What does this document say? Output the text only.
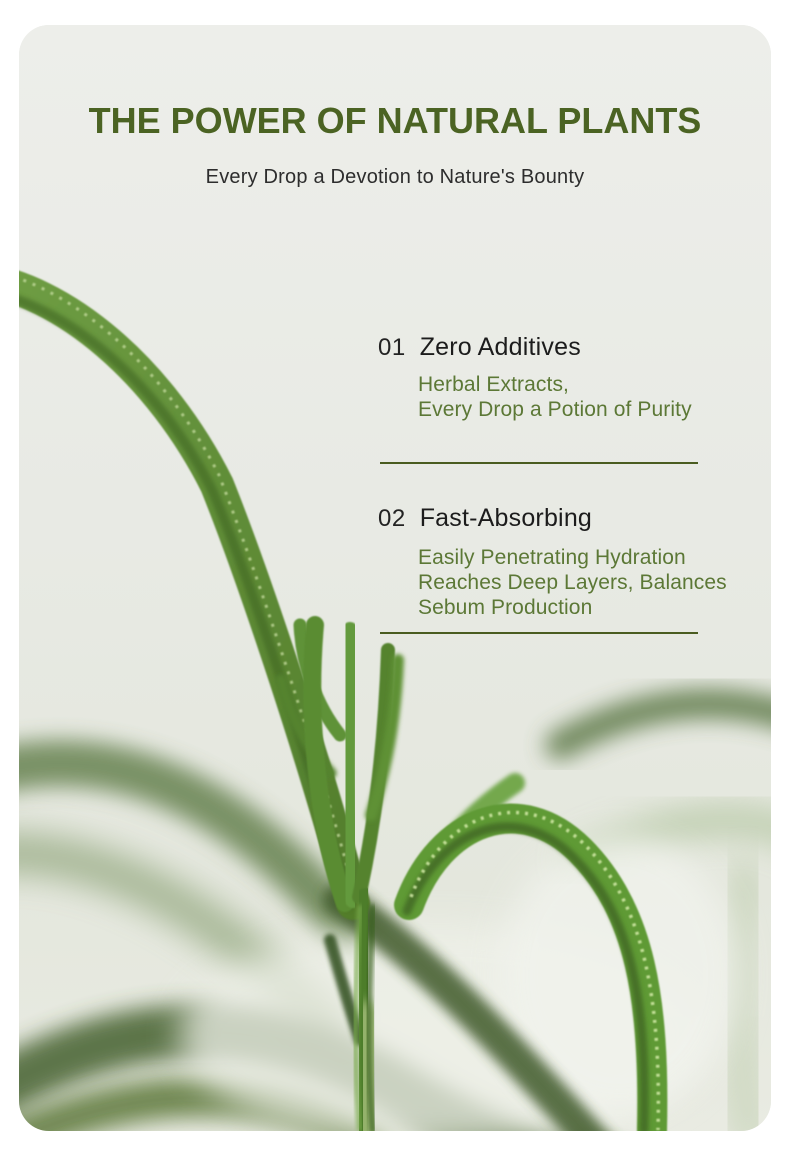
THE POWER OF NATURAL PLANTS
Every Drop a Devotion to Nature's Bounty
01 Zero Additives
Herbal Extracts,
Every Drop a Potion of Purity
02 Fast-Absorbing
Easily Penetrating Hydration
Reaches Deep Layers, Balances
Sebum Production
